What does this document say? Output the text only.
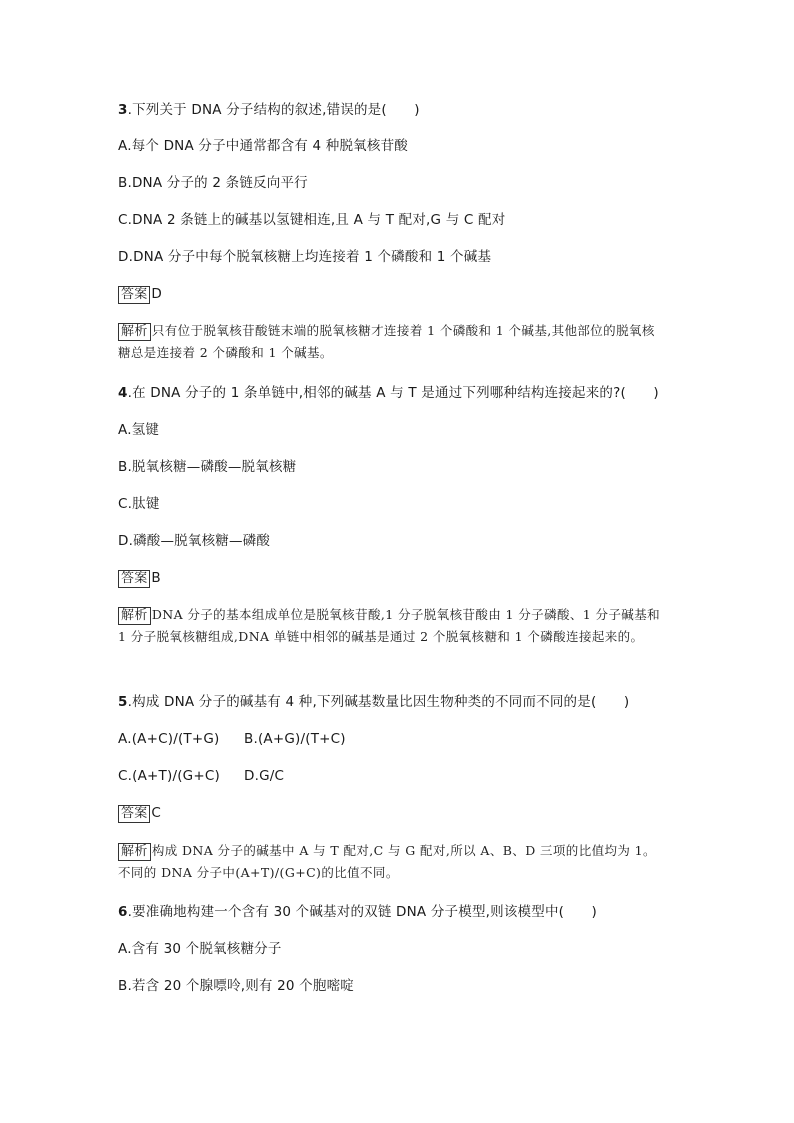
3.下列关于 DNA 分子结构的叙述,错误的是(　　)
A.每个 DNA 分子中通常都含有 4 种脱氧核苷酸
B.DNA 分子的 2 条链反向平行
C.DNA 2 条链上的碱基以氢键相连,且 A 与 T 配对,G 与 C 配对
D.DNA 分子中每个脱氧核糖上均连接着 1 个磷酸和 1 个碱基
答案 D
解析 只有位于脱氧核苷酸链末端的脱氧核糖才连接着 1 个磷酸和 1 个碱基,其他部位的脱氧核糖总是连接着 2 个磷酸和 1 个碱基。
4.在 DNA 分子的 1 条单链中,相邻的碱基 A 与 T 是通过下列哪种结构连接起来的?(　　)
A.氢键
B.脱氧核糖—磷酸—脱氧核糖
C.肽键
D.磷酸—脱氧核糖—磷酸
答案 B
解析 DNA 分子的基本组成单位是脱氧核苷酸,1 分子脱氧核苷酸由 1 分子磷酸、1 分子碱基和 1 分子脱氧核糖组成,DNA 单链中相邻的碱基是通过 2 个脱氧核糖和 1 个磷酸连接起来的。
5.构成 DNA 分子的碱基有 4 种,下列碱基数量比因生物种类的不同而不同的是(　　)
A.(A+C)/(T+G) B.(A+G)/(T+C)
C.(A+T)/(G+C) D.G/C
答案 C
解析 构成 DNA 分子的碱基中 A 与 T 配对,C 与 G 配对,所以 A、B、D 三项的比值均为 1。不同的 DNA 分子中(A+T)/(G+C)的比值不同。
6.要准确地构建一个含有 30 个碱基对的双链 DNA 分子模型,则该模型中(　　)
A.含有 30 个脱氧核糖分子
B.若含 20 个腺嘌呤,则有 20 个胞嘧啶
